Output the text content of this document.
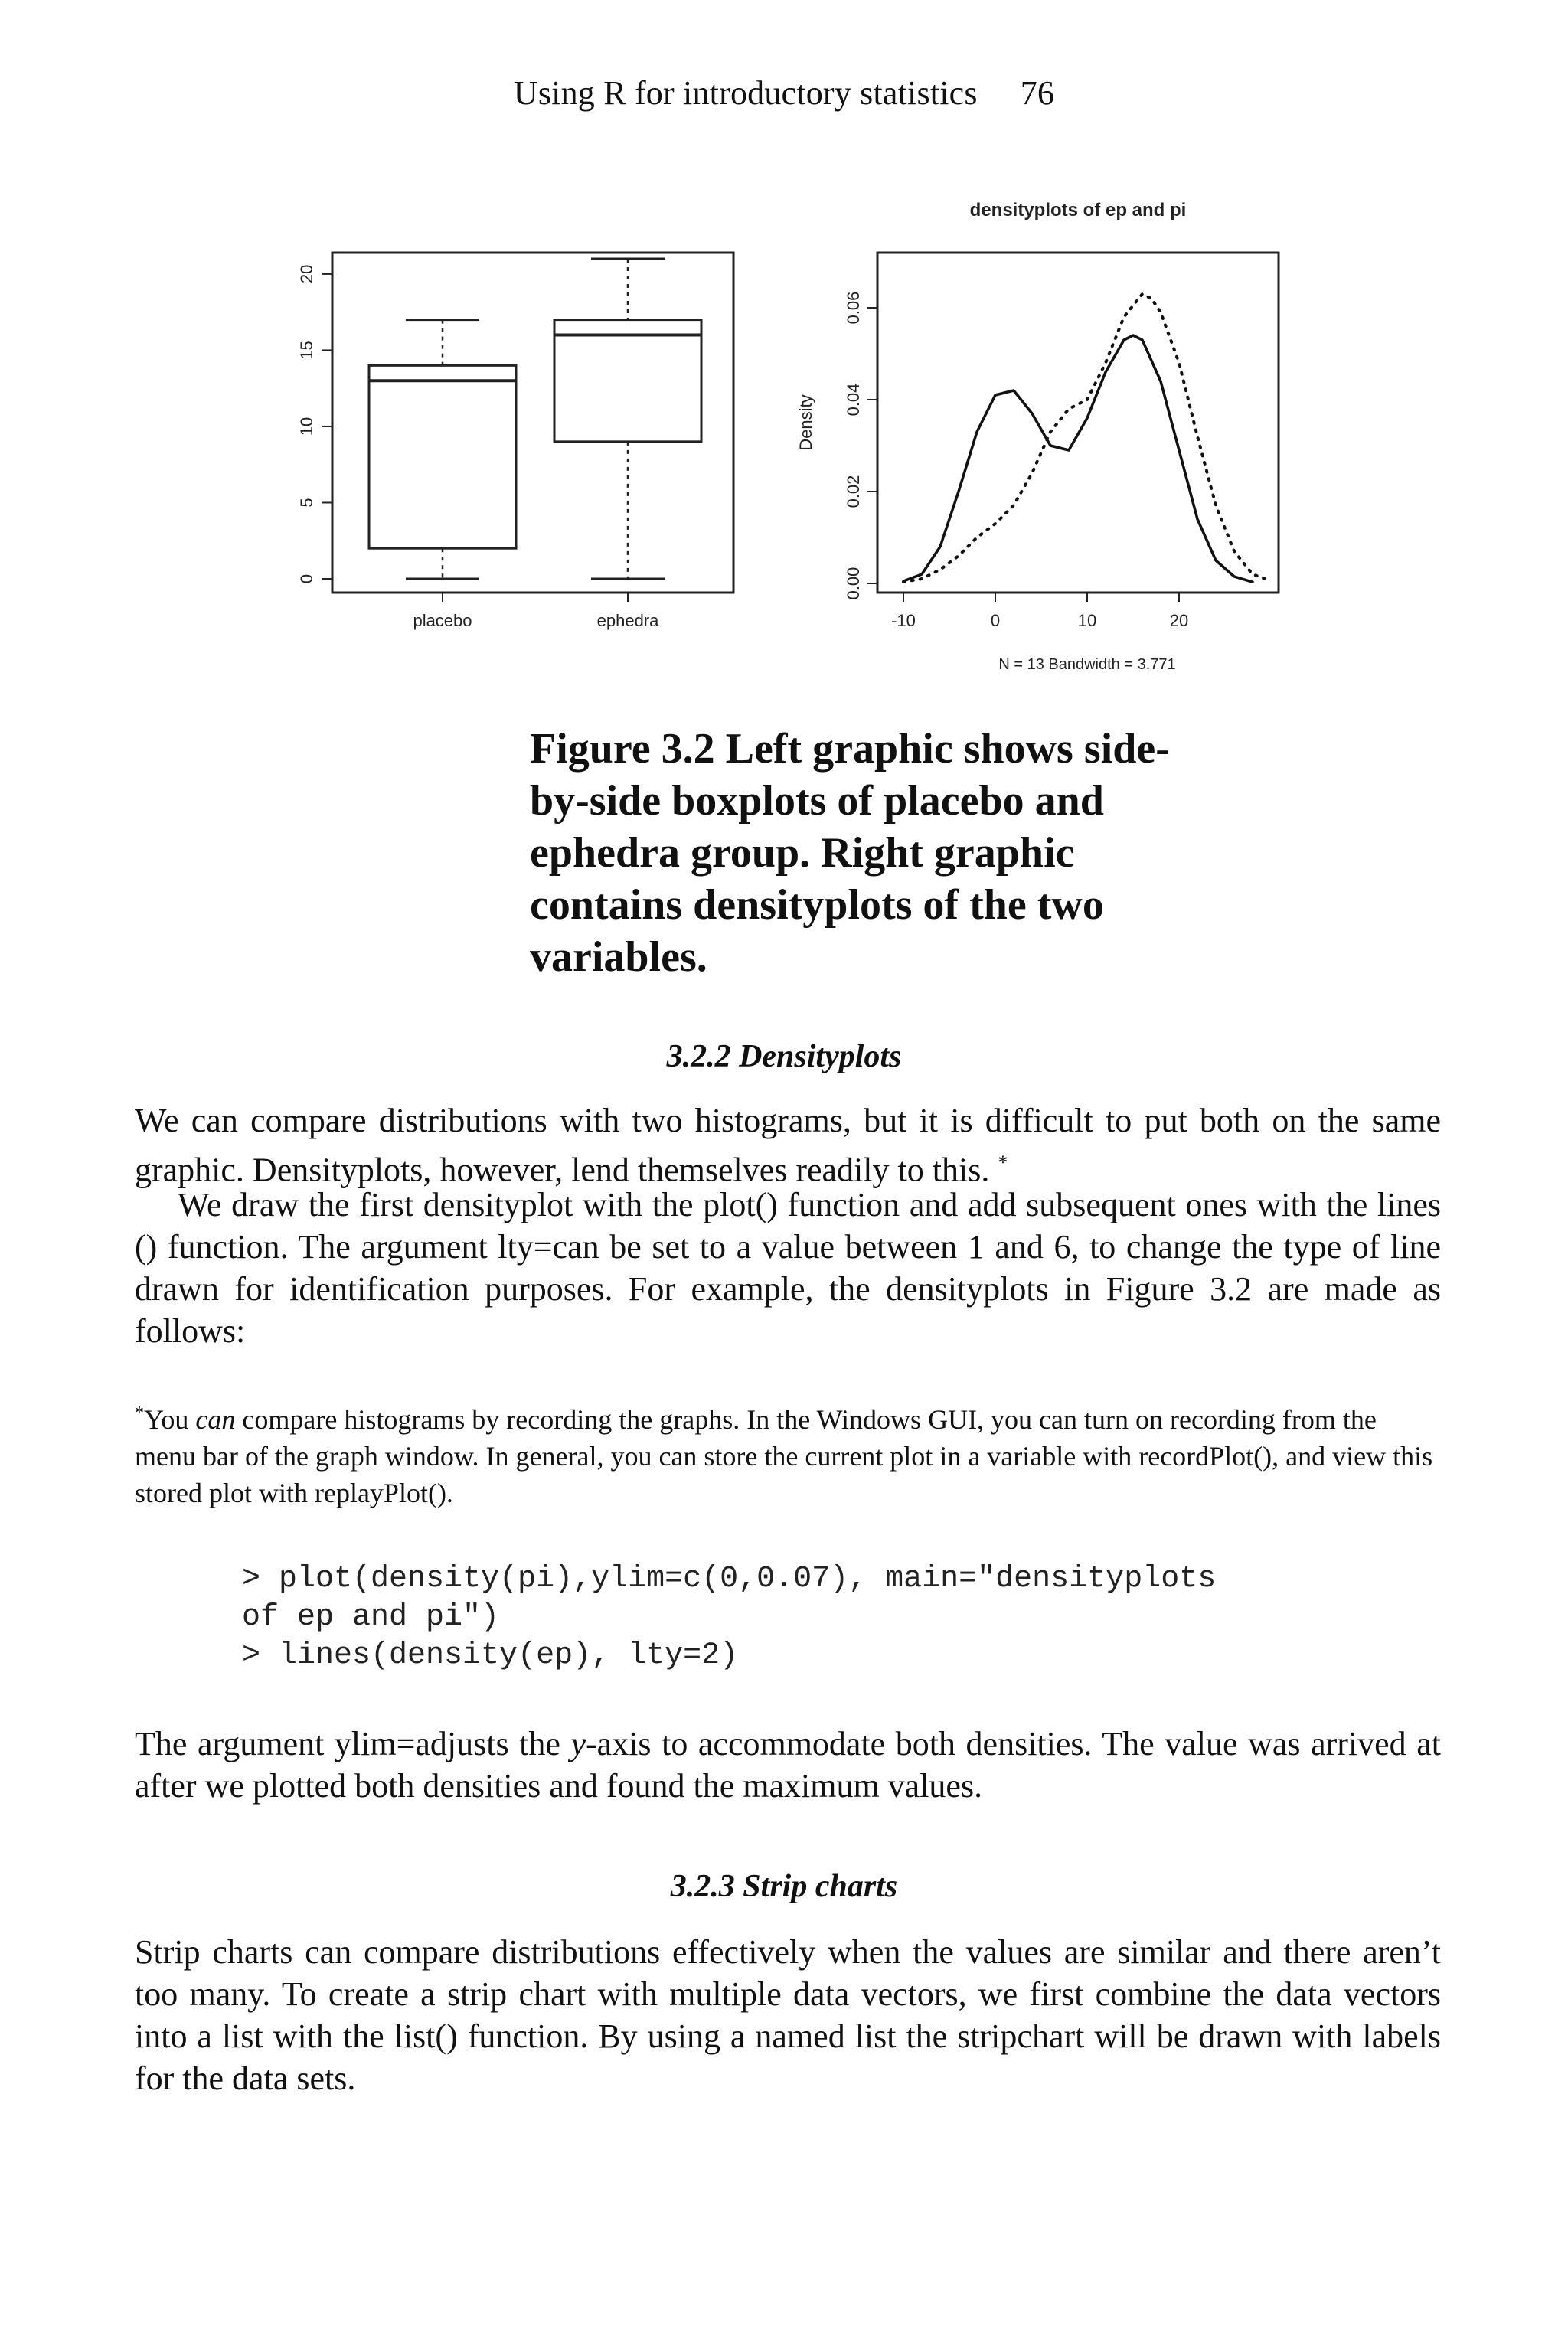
Using R for introductory statistics 76
0
5
10
15
20
placebo	ephedra
densityplots of ep and pi
0.00
0.02
0.04
0.06
Density
-10	0	10	20
N = 13 Bandwidth = 3.771
Figure 3.2 Left graphic shows side-by-side boxplots of placebo and ephedra group. Right graphic contains densityplots of the two variables.
3.2.2 Densityplots

We can compare distributions with two histograms, but it is difficult to put both on the same graphic. Densityplots, however, lend themselves readily to this. *

We draw the first densityplot with the plot() function and add subsequent ones with the lines () function. The argument lty=can be set to a value between 1 and 6, to change the type of line drawn for identification purposes. For example, the densityplots in Figure 3.2 are made as follows:

*You can compare histograms by recording the graphs. In the Windows GUI, you can turn on recording from the menu bar of the graph window. In general, you can store the current plot in a variable with recordPlot(), and view this stored plot with replayPlot().

> plot(density(pi),ylim=c(0,0.07), main="densityplots
of ep and pi")
> lines(density(ep), lty=2)

The argument ylim=adjusts the y-axis to accommodate both densities. The value was arrived at after we plotted both densities and found the maximum values.

3.2.3 Strip charts

Strip charts can compare distributions effectively when the values are similar and there aren’t too many. To create a strip chart with multiple data vectors, we first combine the data vectors into a list with the list() function. By using a named list the stripchart will be drawn with labels for the data sets.
